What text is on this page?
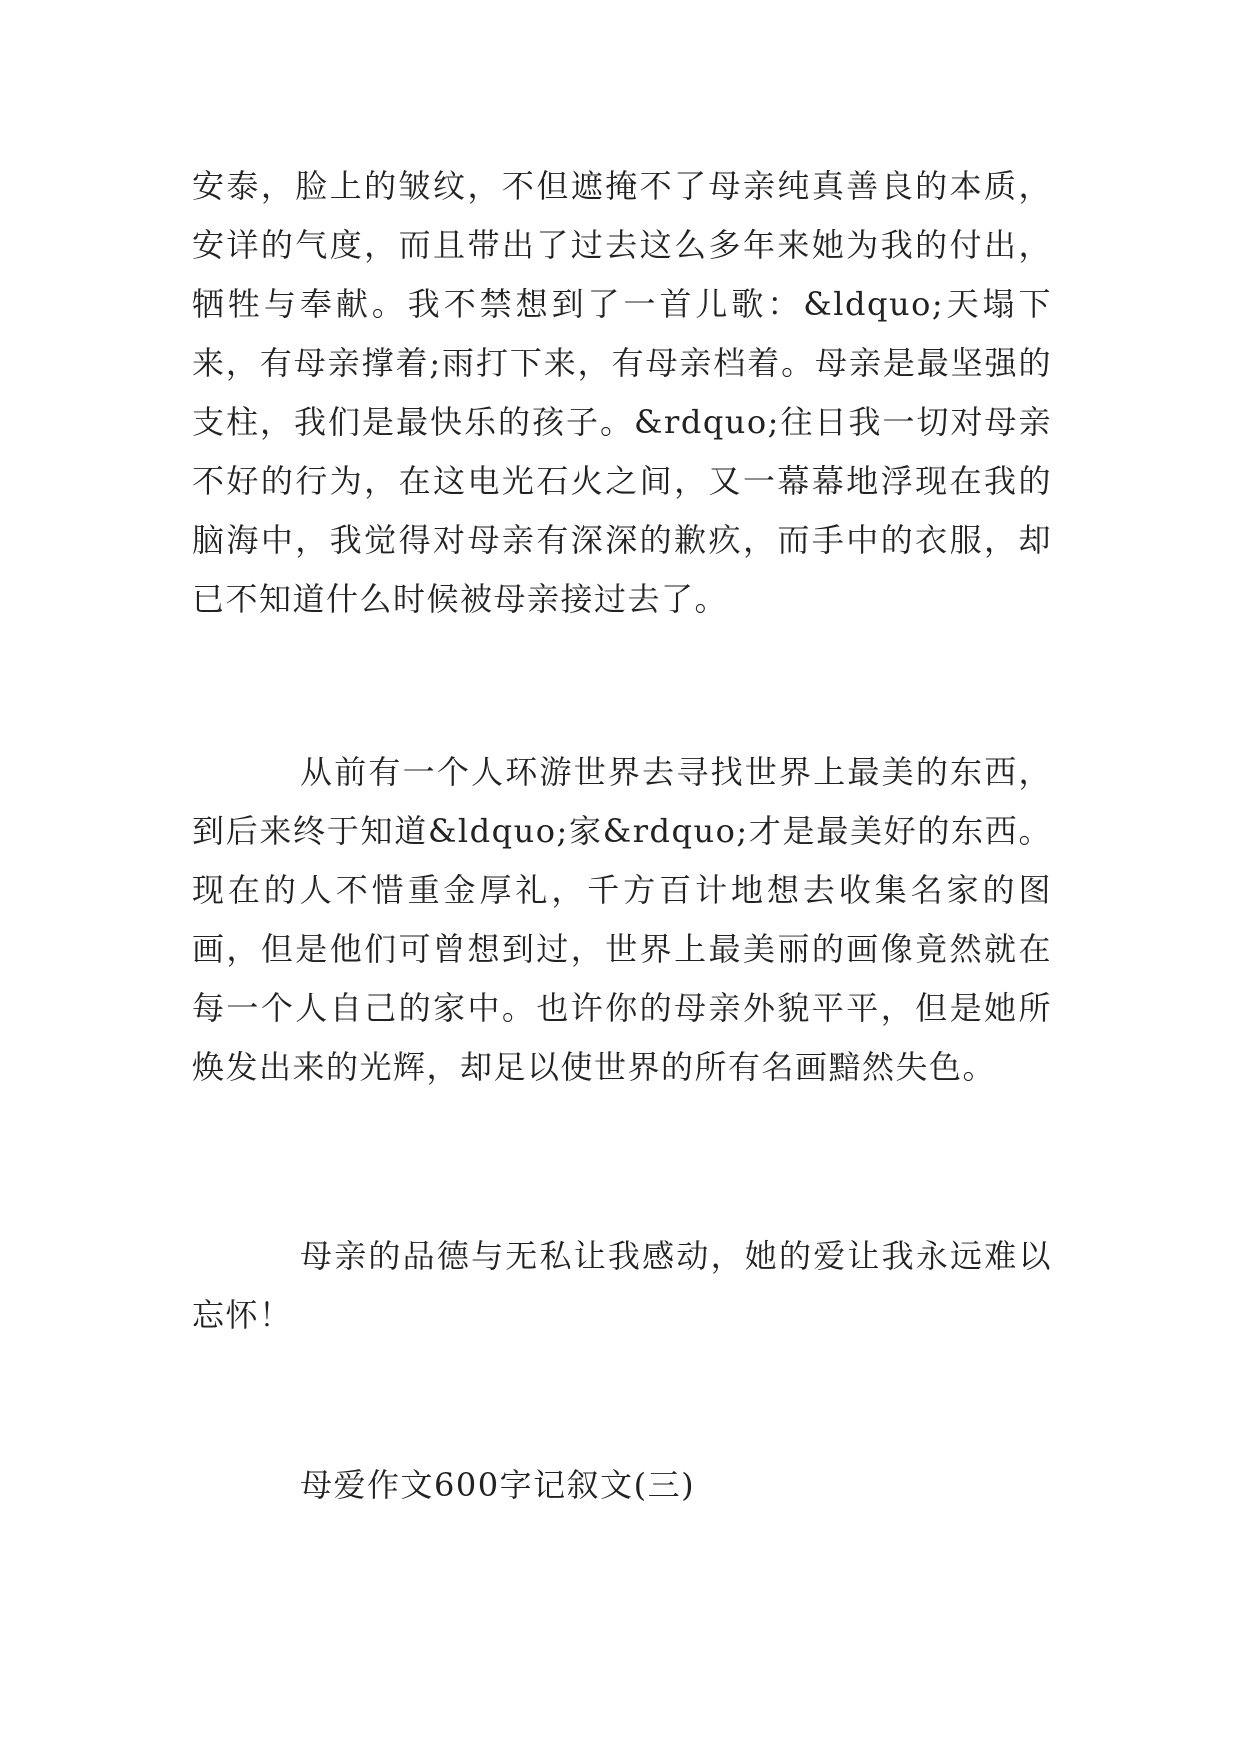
安泰，脸上的皱纹，不但遮掩不了母亲纯真善良的本质，安详的气度，而且带出了过去这么多年来她为我的付出，牺牲与奉献。我不禁想到了一首儿歌：&ldquo;天塌下来，有母亲撑着;雨打下来，有母亲档着。母亲是最坚强的支柱，我们是最快乐的孩子。&rdquo;往日我一切对母亲不好的行为，在这电光石火之间，又一幕幕地浮现在我的脑海中，我觉得对母亲有深深的歉疚，而手中的衣服，却已不知道什么时候被母亲接过去了。

从前有一个人环游世界去寻找世界上最美的东西，到后来终于知道&ldquo;家&rdquo;才是最美好的东西。现在的人不惜重金厚礼，千方百计地想去收集名家的图画，但是他们可曾想到过，世界上最美丽的画像竟然就在每一个人自己的家中。也许你的母亲外貌平平，但是她所焕发出来的光辉，却足以使世界的所有名画黯然失色。

母亲的品德与无私让我感动，她的爱让我永远难以忘怀！

母爱作文600字记叙文(三)
